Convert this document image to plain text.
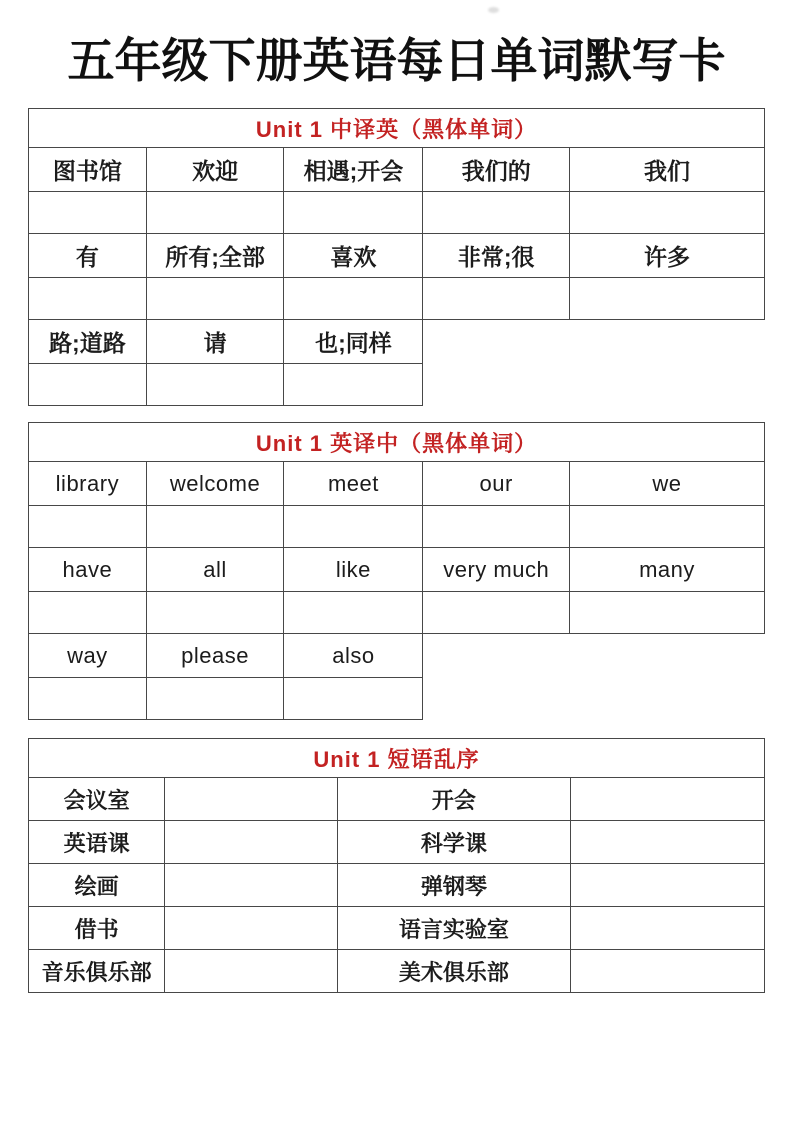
五年级下册英语每日单词默写卡
Unit 1 中译英（黑体单词）				
图书馆	欢迎	相遇;开会	我们的	我们

有	所有;全部	喜欢	非常;很	许多

路;道路	请	也;同样		

Unit 1 英译中（黑体单词）				
library	welcome	meet	our	we

have	all	like	very much	many

way	please	also		

Unit 1 短语乱序			
会议室		开会	
英语课		科学课	
绘画		弹钢琴	
借书		语言实验室	
音乐俱乐部		美术俱乐部	
